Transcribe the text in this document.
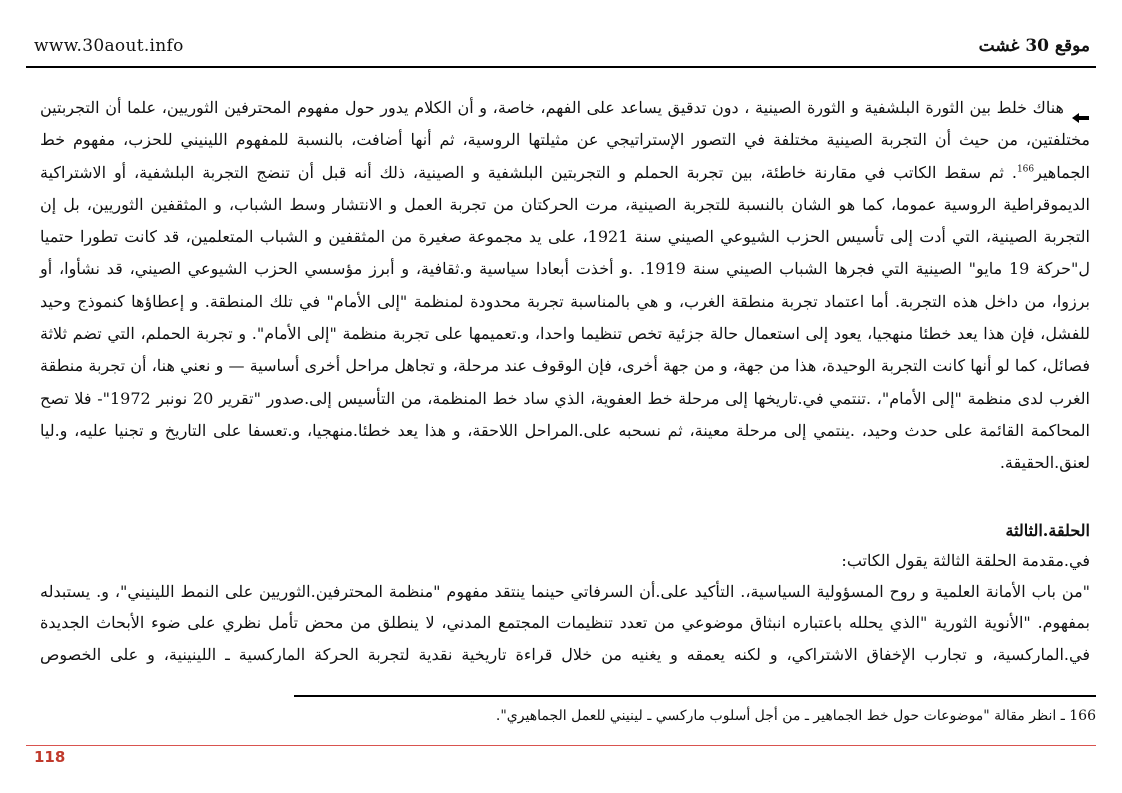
www.30aout.info	موقع 30 غشت

هناك خلط بين الثورة البلشفية و الثورة الصينية ، دون تدقيق يساعد على الفهم، خاصة، و أن الكلام يدور حول مفهوم المحترفين الثوريين، علما أن التجربتين مختلفتين، من حيث أن التجربة الصينية مختلفة في التصور الإستراتيجي عن مثيلتها الروسية، ثم أنها أضافت، بالنسبة للمفهوم اللينيني للحزب، مفهوم خط الجماهير$^{166}$. ثم سقط الكاتب في مقارنة خاطئة، بين تجربة الحملم و التجربتين البلشفية و الصينية، ذلك أنه قبل أن تنضج التجربة البلشفية، أو الاشتراكية الديموقراطية الروسية عموما، كما هو الشان بالنسبة للتجربة الصينية، مرت الحركتان من تجربة العمل و الانتشار وسط الشباب، و المثقفين الثوريين، بل إن التجربة الصينية، التي أدت إلى تأسيس الحزب الشيوعي الصيني سنة 1921، على يد مجموعة صغيرة من المثقفين و الشباب المتعلمين، قد كانت تطورا حتميا ل"حركة 19 مايو" الصينية التي فجرها الشباب الصيني سنة 1919. .و أخذت أبعادا سياسية و.ثقافية، و أبرز مؤسسي الحزب الشيوعي الصيني، قد نشأوا، أو برزوا، من داخل هذه التجربة. أما اعتماد تجربة منطقة الغرب، و هي بالمناسبة تجربة محدودة لمنظمة "إلى الأمام" في تلك المنطقة. و إعطاؤها كنموذج وحيد للفشل، فإن هذا يعد خطئا منهجيا، يعود إلى استعمال حالة جزئية تخص تنظيما واحدا، و.تعميمها على تجربة منظمة "إلى الأمام". و تجربة الحملم، التي تضم ثلاثة فصائل، كما لو أنها كانت التجربة الوحيدة، هذا من جهة، و من جهة أخرى، فإن الوقوف عند مرحلة، و تجاهل مراحل أخرى أساسية — و نعني هنا، أن تجربة منطقة الغرب لدى منظمة "إلى الأمام"، .تنتمي في.تاريخها إلى مرحلة خط العفوية، الذي ساد خط المنظمة، من التأسيس إلى.صدور "تقرير 20 نونبر 1972"- فلا تصح المحاكمة القائمة على حدث وحيد، .ينتمي إلى مرحلة معينة، ثم نسحبه على.المراحل اللاحقة، و هذا يعد خطئا.منهجيا، و.تعسفا على التاريخ و تجنيا عليه، و.ليا لعنق.الحقيقة.

الحلقة.الثالثة

في.مقدمة الحلقة الثالثة يقول الكاتب:

"من باب الأمانة العلمية و روح المسؤولية السياسية،. التأكيد على.أن السرفاتي حينما ينتقد مفهوم "منظمة المحترفين.الثوريين على النمط اللينيني"، و. يستبدله بمفهوم. "الأنوية الثورية "الذي يحلله باعتباره انبثاق موضوعي من تعدد تنظيمات المجتمع المدني، لا ينطلق من محض تأمل نظري على ضوء الأبحاث الجديدة في.الماركسية، و تجارب الإخفاق الاشتراكي، و لكنه يعمقه و يغنيه من خلال قراءة تاريخية نقدية لتجربة الحركة الماركسية ـ اللينينية، و على الخصوص

166 ـ انظر مقالة "موضوعات حول خط الجماهير ـ من أجل أسلوب ماركسي ـ لينيني للعمل الجماهيري".
118
